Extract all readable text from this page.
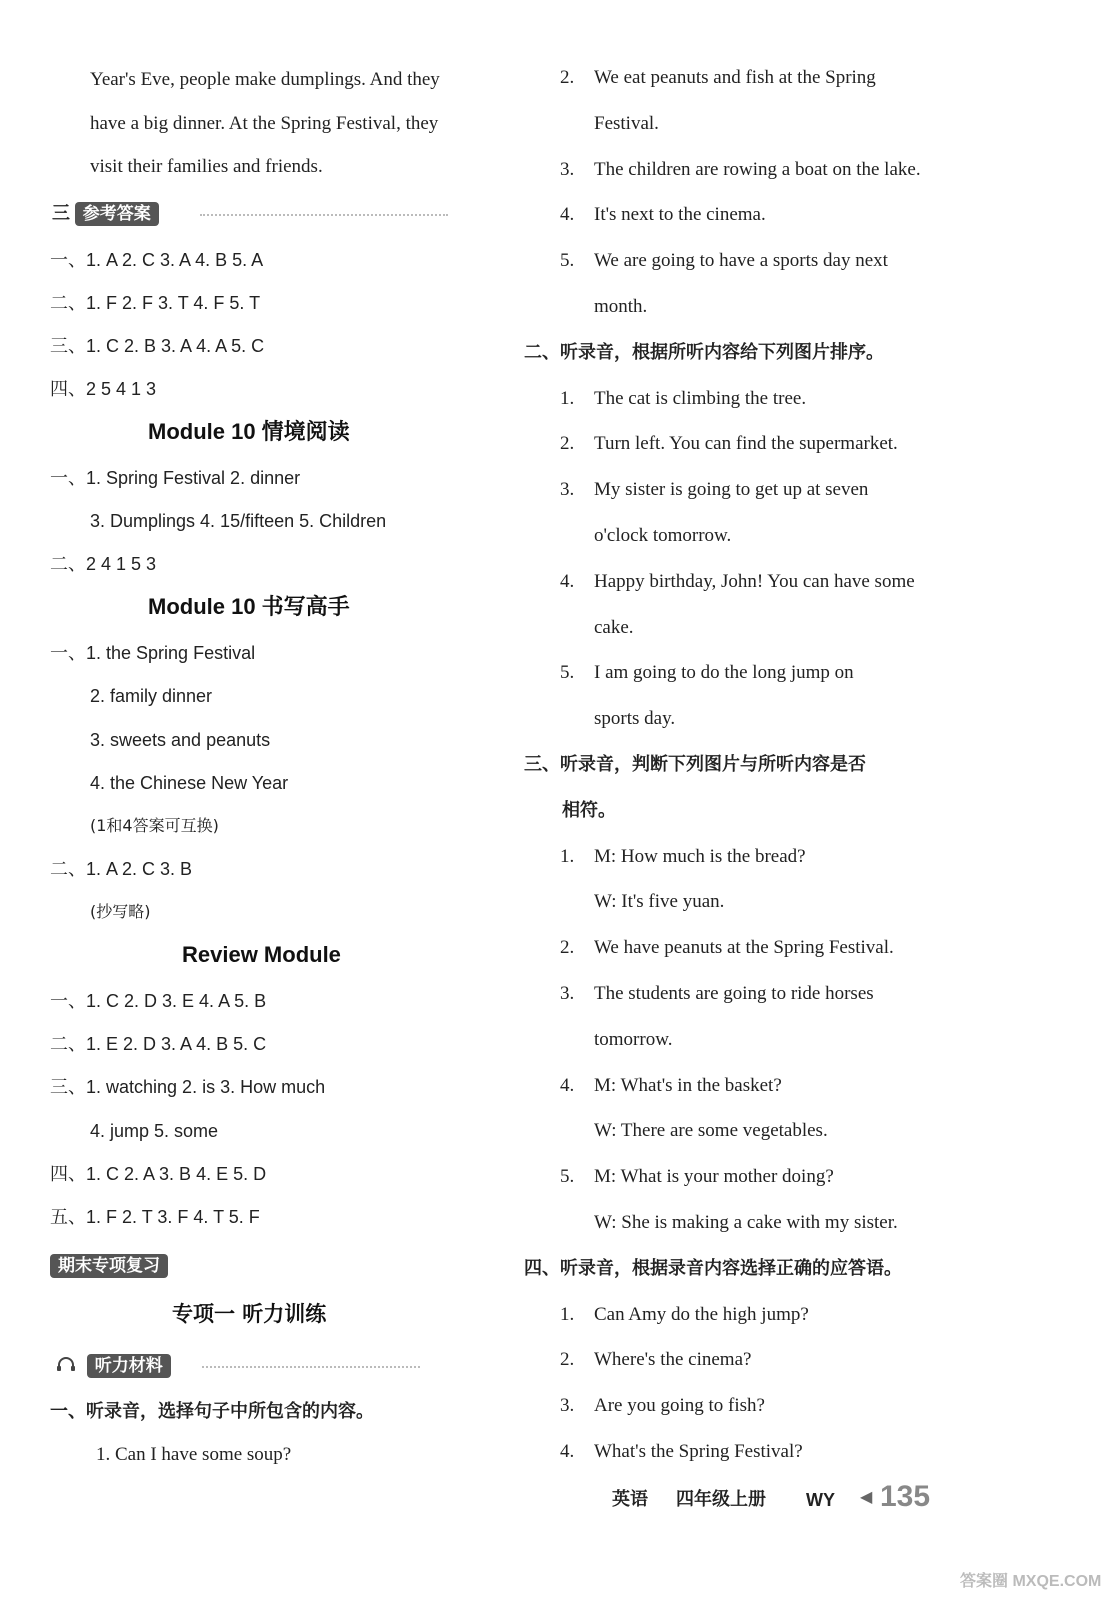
Year's Eve, people make dumplings. And they
have a big dinner. At the Spring Festival, they
visit their families and friends.
三 参考答案
一、1. A 2. C 3. A 4. B 5. A
二、1. F 2. F 3. T 4. F 5. T
三、1. C 2. B 3. A 4. A 5. C
四、2 5 4 1 3
Module 10 情境阅读
一、1. Spring Festival 2. dinner
3. Dumplings 4. 15/fifteen 5. Children
二、2 4 1 5 3
Module 10 书写高手
一、1. the Spring Festival
2. family dinner
3. sweets and peanuts
4. the Chinese New Year
(1和4答案可互换)
二、1. A 2. C 3. B
(抄写略)
Review Module
一、1. C 2. D 3. E 4. A 5. B
二、1. E 2. D 3. A 4. B 5. C
三、1. watching 2. is 3. How much
4. jump 5. some
四、1. C 2. A 3. B 4. E 5. D
五、1. F 2. T 3. F 4. T 5. F
期末专项复习
专项一 听力训练
听力材料
一、听录音，选择句子中所包含的内容。
1. Can I have some soup?
2. We eat peanuts and fish at the Spring
Festival.
3. The children are rowing a boat on the lake.
4. It's next to the cinema.
5. We are going to have a sports day next
month.
二、听录音，根据所听内容给下列图片排序。
1. The cat is climbing the tree.
2. Turn left. You can find the supermarket.
3. My sister is going to get up at seven
o'clock tomorrow.
4. Happy birthday, John! You can have some
cake.
5. I am going to do the long jump on
sports day.
三、听录音，判断下列图片与所听内容是否
相符。
1. M: How much is the bread?
W: It's five yuan.
2. We have peanuts at the Spring Festival.
3. The students are going to ride horses
tomorrow.
4. M: What's in the basket?
W: There are some vegetables.
5. M: What is your mother doing?
W: She is making a cake with my sister.
四、听录音，根据录音内容选择正确的应答语。
1. Can Amy do the high jump?
2. Where's the cinema?
3. Are you going to fish?
4. What's the Spring Festival?
英语 四年级上册 WY ◀ 135
答案圈 MXQE.COM
